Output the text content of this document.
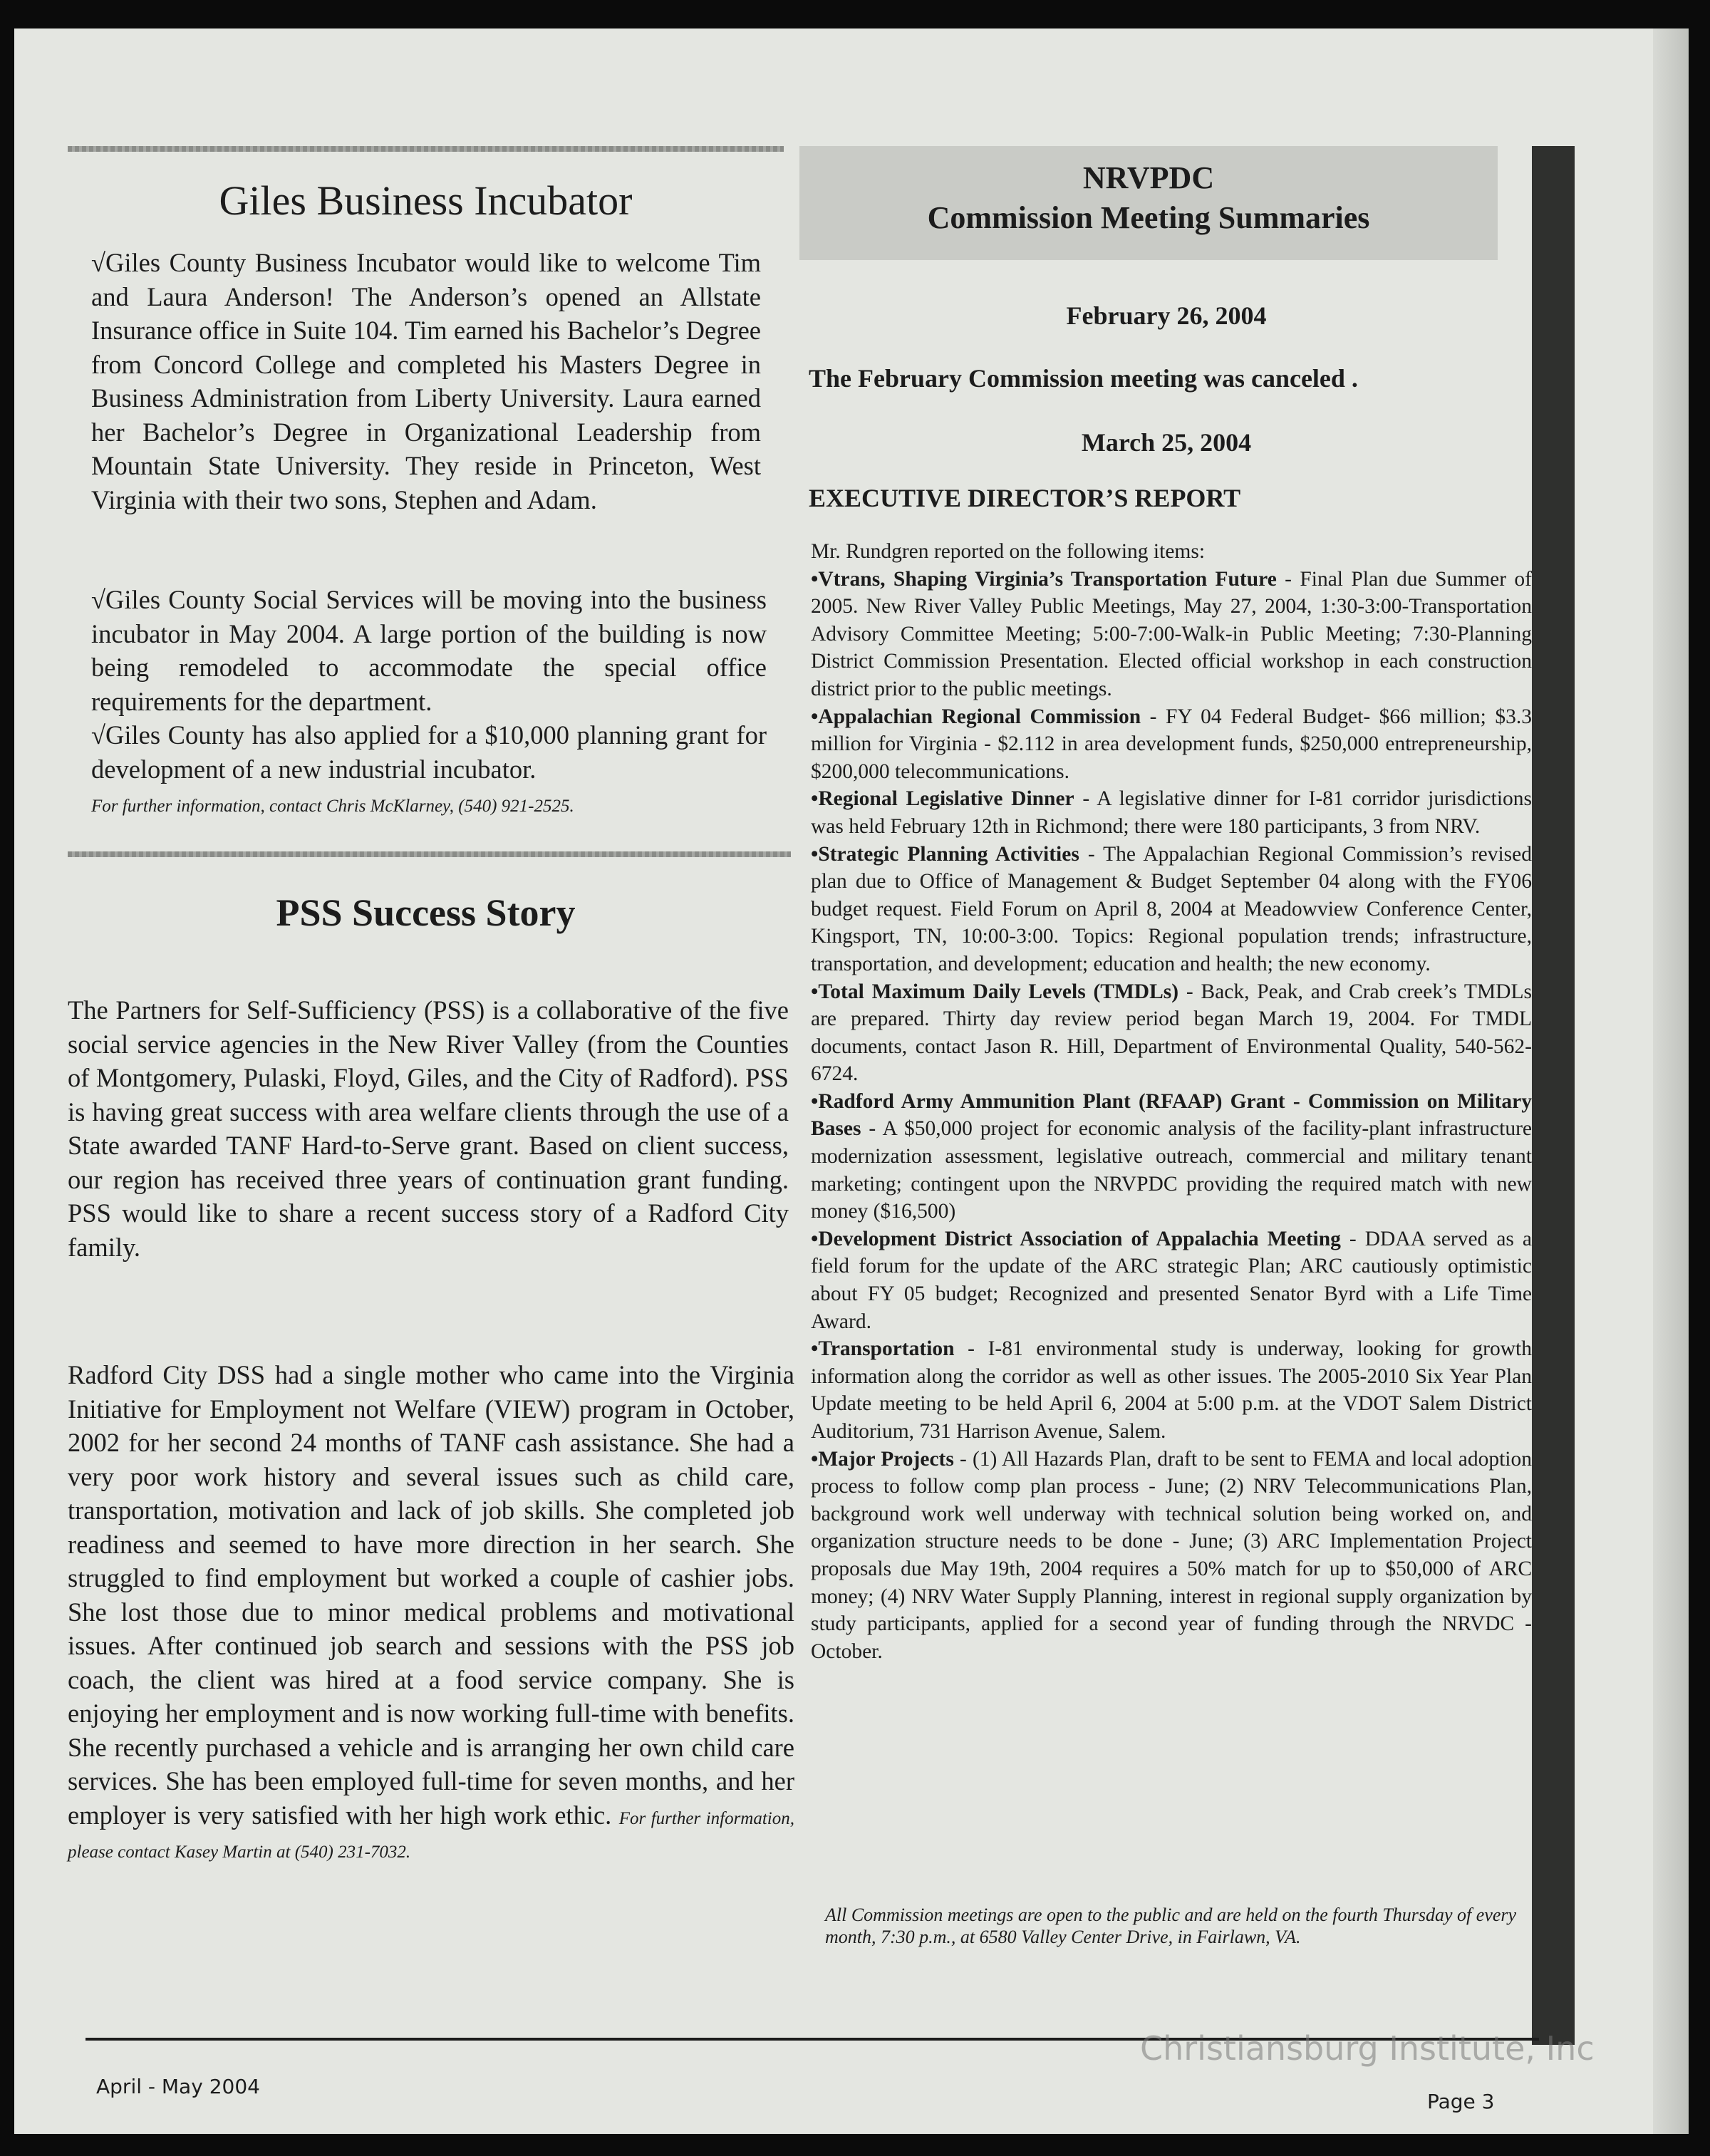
Giles Business Incubator

√Giles County Business Incubator would like to welcome Tim and Laura Anderson! The Anderson’s opened an Allstate Insurance office in Suite 104. Tim earned his Bachelor’s Degree from Concord College and completed his Masters Degree in Business Administration from Liberty University. Laura earned her Bachelor’s Degree in Organizational Leadership from Mountain State University. They reside in Princeton, West Virginia with their two sons, Stephen and Adam.

√Giles County Social Services will be moving into the business incubator in May 2004. A large portion of the building is now being remodeled to accommodate the special office requirements for the department.

√Giles County has also applied for a $10,000 planning grant for development of a new industrial incubator.
For further information, contact Chris McKlarney, (540) 921-2525.

PSS Success Story

The Partners for Self-Sufficiency (PSS) is a collaborative of the five social service agencies in the New River Valley (from the Counties of Montgomery, Pulaski, Floyd, Giles, and the City of Radford). PSS is having great success with area welfare clients through the use of a State awarded TANF Hard-to-Serve grant. Based on client success, our region has received three years of continuation grant funding. PSS would like to share a recent success story of a Radford City family.

Radford City DSS had a single mother who came into the Virginia Initiative for Employment not Welfare (VIEW) program in October, 2002 for her second 24 months of TANF cash assistance. She had a very poor work history and several issues such as child care, transportation, motivation and lack of job skills. She completed job readiness and seemed to have more direction in her search. She struggled to find employment but worked a couple of cashier jobs. She lost those due to minor medical problems and motivational issues. After continued job search and sessions with the PSS job coach, the client was hired at a food service company. She is enjoying her employment and is now working full-time with benefits. She recently purchased a vehicle and is arranging her own child care services. She has been employed full-time for seven months, and her employer is very satisfied with her high work ethic. For further information, please contact Kasey Martin at (540) 231-7032.

NRVPDC
Commission Meeting Summaries

February 26, 2004

The February Commission meeting was canceled .

March 25, 2004

EXECUTIVE DIRECTOR’S REPORT

Mr. Rundgren reported on the following items:

•Vtrans, Shaping Virginia’s Transportation Future - Final Plan due Summer of 2005. New River Valley Public Meetings, May 27, 2004, 1:30-3:00-Transportation Advisory Committee Meeting; 5:00-7:00-Walk-in Public Meeting; 7:30-Planning District Commission Presentation. Elected official workshop in each construction district prior to the public meetings.

•Appalachian Regional Commission - FY 04 Federal Budget- $66 million; $3.3 million for Virginia - $2.112 in area development funds, $250,000 entrepreneurship, $200,000 telecommunications.

•Regional Legislative Dinner - A legislative dinner for I-81 corridor jurisdictions was held February 12th in Richmond; there were 180 participants, 3 from NRV.

•Strategic Planning Activities - The Appalachian Regional Commission’s revised plan due to Office of Management & Budget September 04 along with the FY06 budget request. Field Forum on April 8, 2004 at Meadowview Conference Center, Kingsport, TN, 10:00-3:00. Topics: Regional population trends; infrastructure, transportation, and development; education and health; the new economy.

•Total Maximum Daily Levels (TMDLs) - Back, Peak, and Crab creek’s TMDLs are prepared. Thirty day review period began March 19, 2004. For TMDL documents, contact Jason R. Hill, Department of Environmental Quality, 540-562-6724.

•Radford Army Ammunition Plant (RFAAP) Grant - Commission on Military Bases - A $50,000 project for economic analysis of the facility-plant infrastructure modernization assessment, legislative outreach, commercial and military tenant marketing; contingent upon the NRVPDC providing the required match with new money ($16,500)

•Development District Association of Appalachia Meeting - DDAA served as a field forum for the update of the ARC strategic Plan; ARC cautiously optimistic about FY 05 budget; Recognized and presented Senator Byrd with a Life Time Award.

•Transportation - I-81 environmental study is underway, looking for growth information along the corridor as well as other issues. The 2005-2010 Six Year Plan Update meeting to be held April 6, 2004 at 5:00 p.m. at the VDOT Salem District Auditorium, 731 Harrison Avenue, Salem.

•Major Projects - (1) All Hazards Plan, draft to be sent to FEMA and local adoption process to follow comp plan process - June; (2) NRV Telecommunications Plan, background work well underway with technical solution being worked on, and organization structure needs to be done - June; (3) ARC Implementation Project proposals due May 19th, 2004 requires a 50% match for up to $50,000 of ARC money; (4) NRV Water Supply Planning, interest in regional supply organization by study participants, applied for a second year of funding through the NRVDC - October.

All Commission meetings are open to the public and are held on the fourth Thursday of every month, 7:30 p.m., at 6580 Valley Center Drive, in Fairlawn, VA.

April - May 2004
Page 3
Christiansburg Institute, Inc
